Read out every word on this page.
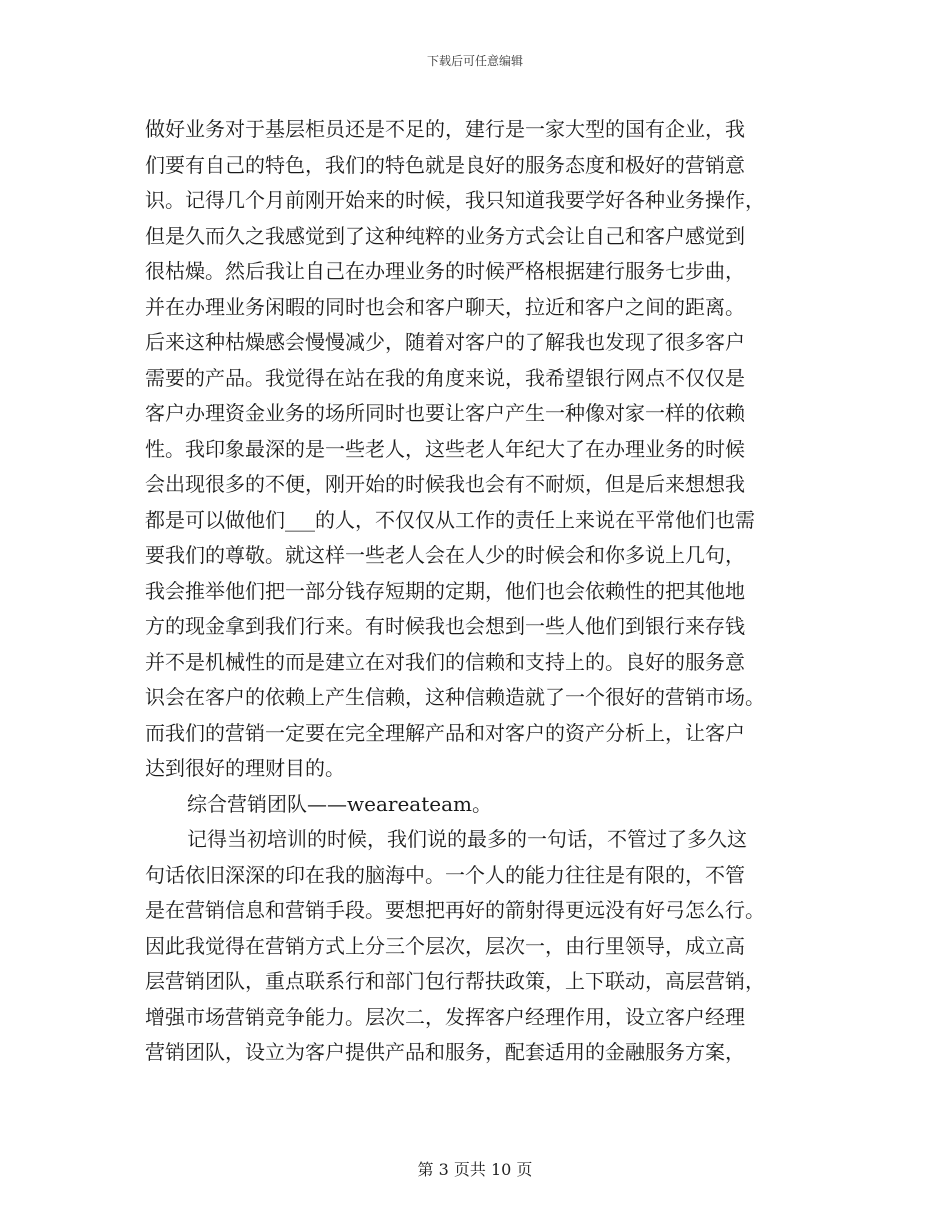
下载后可任意编辑
做好业务对于基层柜员还是不足的，建行是一家大型的国有企业，我
们要有自己的特色，我们的特色就是良好的服务态度和极好的营销意
识。记得几个月前刚开始来的时候，我只知道我要学好各种业务操作，
但是久而久之我感觉到了这种纯粹的业务方式会让自己和客户感觉到
很枯燥。然后我让自己在办理业务的时候严格根据建行服务七步曲，
并在办理业务闲暇的同时也会和客户聊天，拉近和客户之间的距离。
后来这种枯燥感会慢慢减少，随着对客户的了解我也发现了很多客户
需要的产品。我觉得在站在我的角度来说，我希望银行网点不仅仅是
客户办理资金业务的场所同时也要让客户产生一种像对家一样的依赖
性。我印象最深的是一些老人，这些老人年纪大了在办理业务的时候
会出现很多的不便，刚开始的时候我也会有不耐烦，但是后来想想我
都是可以做他们___的人，不仅仅从工作的责任上来说在平常他们也需
要我们的尊敬。就这样一些老人会在人少的时候会和你多说上几句，
我会推举他们把一部分钱存短期的定期，他们也会依赖性的把其他地
方的现金拿到我们行来。有时候我也会想到一些人他们到银行来存钱
并不是机械性的而是建立在对我们的信赖和支持上的。良好的服务意
识会在客户的依赖上产生信赖，这种信赖造就了一个很好的营销市场。
而我们的营销一定要在完全理解产品和对客户的资产分析上，让客户
达到很好的理财目的。
综合营销团队——weareateam。
记得当初培训的时候，我们说的最多的一句话，不管过了多久这
句话依旧深深的印在我的脑海中。一个人的能力往往是有限的，不管
是在营销信息和营销手段。要想把再好的箭射得更远没有好弓怎么行。
因此我觉得在营销方式上分三个层次，层次一，由行里领导，成立高
层营销团队，重点联系行和部门包行帮扶政策，上下联动，高层营销，
增强市场营销竞争能力。层次二，发挥客户经理作用，设立客户经理
营销团队，设立为客户提供产品和服务，配套适用的金融服务方案，
第 3 页共 10 页
